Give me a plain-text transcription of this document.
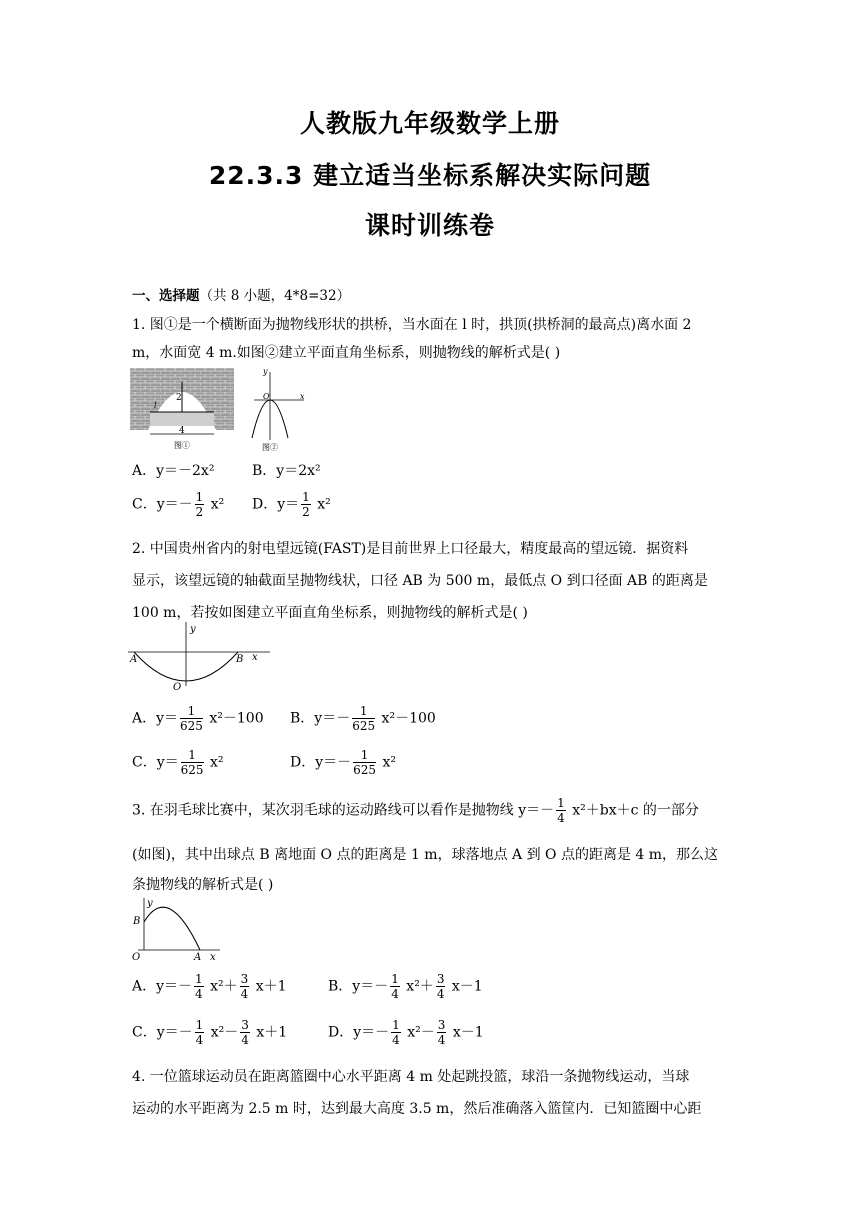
人教版九年级数学上册
22.3.3 建立适当坐标系解决实际问题
课时训练卷
一、选择题（共 8 小题，4*8=32）
1. 图①是一个横断面为抛物线形状的拱桥，当水面在 l 时，拱顶(拱桥洞的最高点)离水面 2
m，水面宽 4 m.如图②建立平面直角坐标系，则抛物线的解析式是( )
2
l
4
图①
y
x
O
图②
A．y＝－2x²	B．y＝2x²
C．$y=- \frac{1}{2} x^2$ D．$y= \frac{1}{2} x^2$
2. 中国贵州省内的射电望远镜(FAST)是目前世界上口径最大，精度最高的望远镜．据资料
显示，该望远镜的轴截面呈抛物线状，口径 AB 为 500 m，最低点 O 到口径面 AB 的距离是
100 m，若按如图建立平面直角坐标系，则抛物线的解析式是( )
A	B x
y
O
A．$y= \frac{1}{625} x^2-100$ B．$y=- \frac{1}{625} x^2-100$
C．$y= \frac{1}{625} x^2$	D．$y=- \frac{1}{625} x^2$
3. 在羽毛球比赛中，某次羽毛球的运动路线可以看作是抛物线 $y=- \frac{1}{4} x^2+bx+c$ 的一部分
(如图)，其中出球点 B 离地面 O 点的距离是 1 m，球落地点 A 到 O 点的距离是 4 m，那么这
条抛物线的解析式是( )
y
B
O	A x
A．$y=- \frac{1}{4} x^2+ \frac{3}{4} x+1$	B．$y=- \frac{1}{4} x^2+ \frac{3}{4} x-1$
C．$y=- \frac{1}{4} x^2- \frac{3}{4} x+1$	D．$y=- \frac{1}{4} x^2- \frac{3}{4} x-1$
4. 一位篮球运动员在距离篮圈中心水平距离 4 m 处起跳投篮，球沿一条抛物线运动，当球
运动的水平距离为 2.5 m 时，达到最大高度 3.5 m，然后准确落入篮筐内．已知篮圈中心距
